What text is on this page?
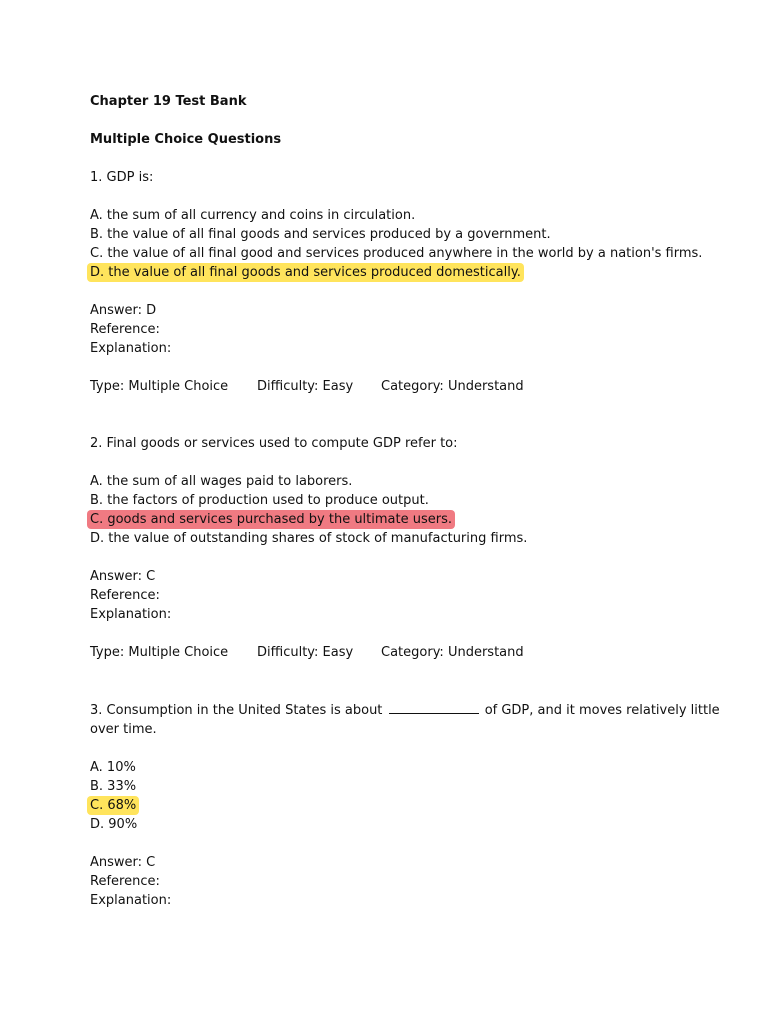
Chapter 19 Test Bank
Multiple Choice Questions
1. GDP is:
A. the sum of all currency and coins in circulation.
B. the value of all final goods and services produced by a government.
C. the value of all final good and services produced anywhere in the world by a nation's firms.
D. the value of all final goods and services produced domestically.
Answer: D
Reference:
Explanation:
Type: Multiple Choice	Difficulty: Easy	Category: Understand
2. Final goods or services used to compute GDP refer to:
A. the sum of all wages paid to laborers.
B. the factors of production used to produce output.
C. goods and services purchased by the ultimate users.
D. the value of outstanding shares of stock of manufacturing firms.
Answer: C
Reference:
Explanation:
Type: Multiple Choice	Difficulty: Easy	Category: Understand
3. Consumption in the United States is about	of GDP, and it moves relatively little over time.
A. 10%
B. 33%
C. 68%
D. 90%
Answer: C
Reference:
Explanation:
